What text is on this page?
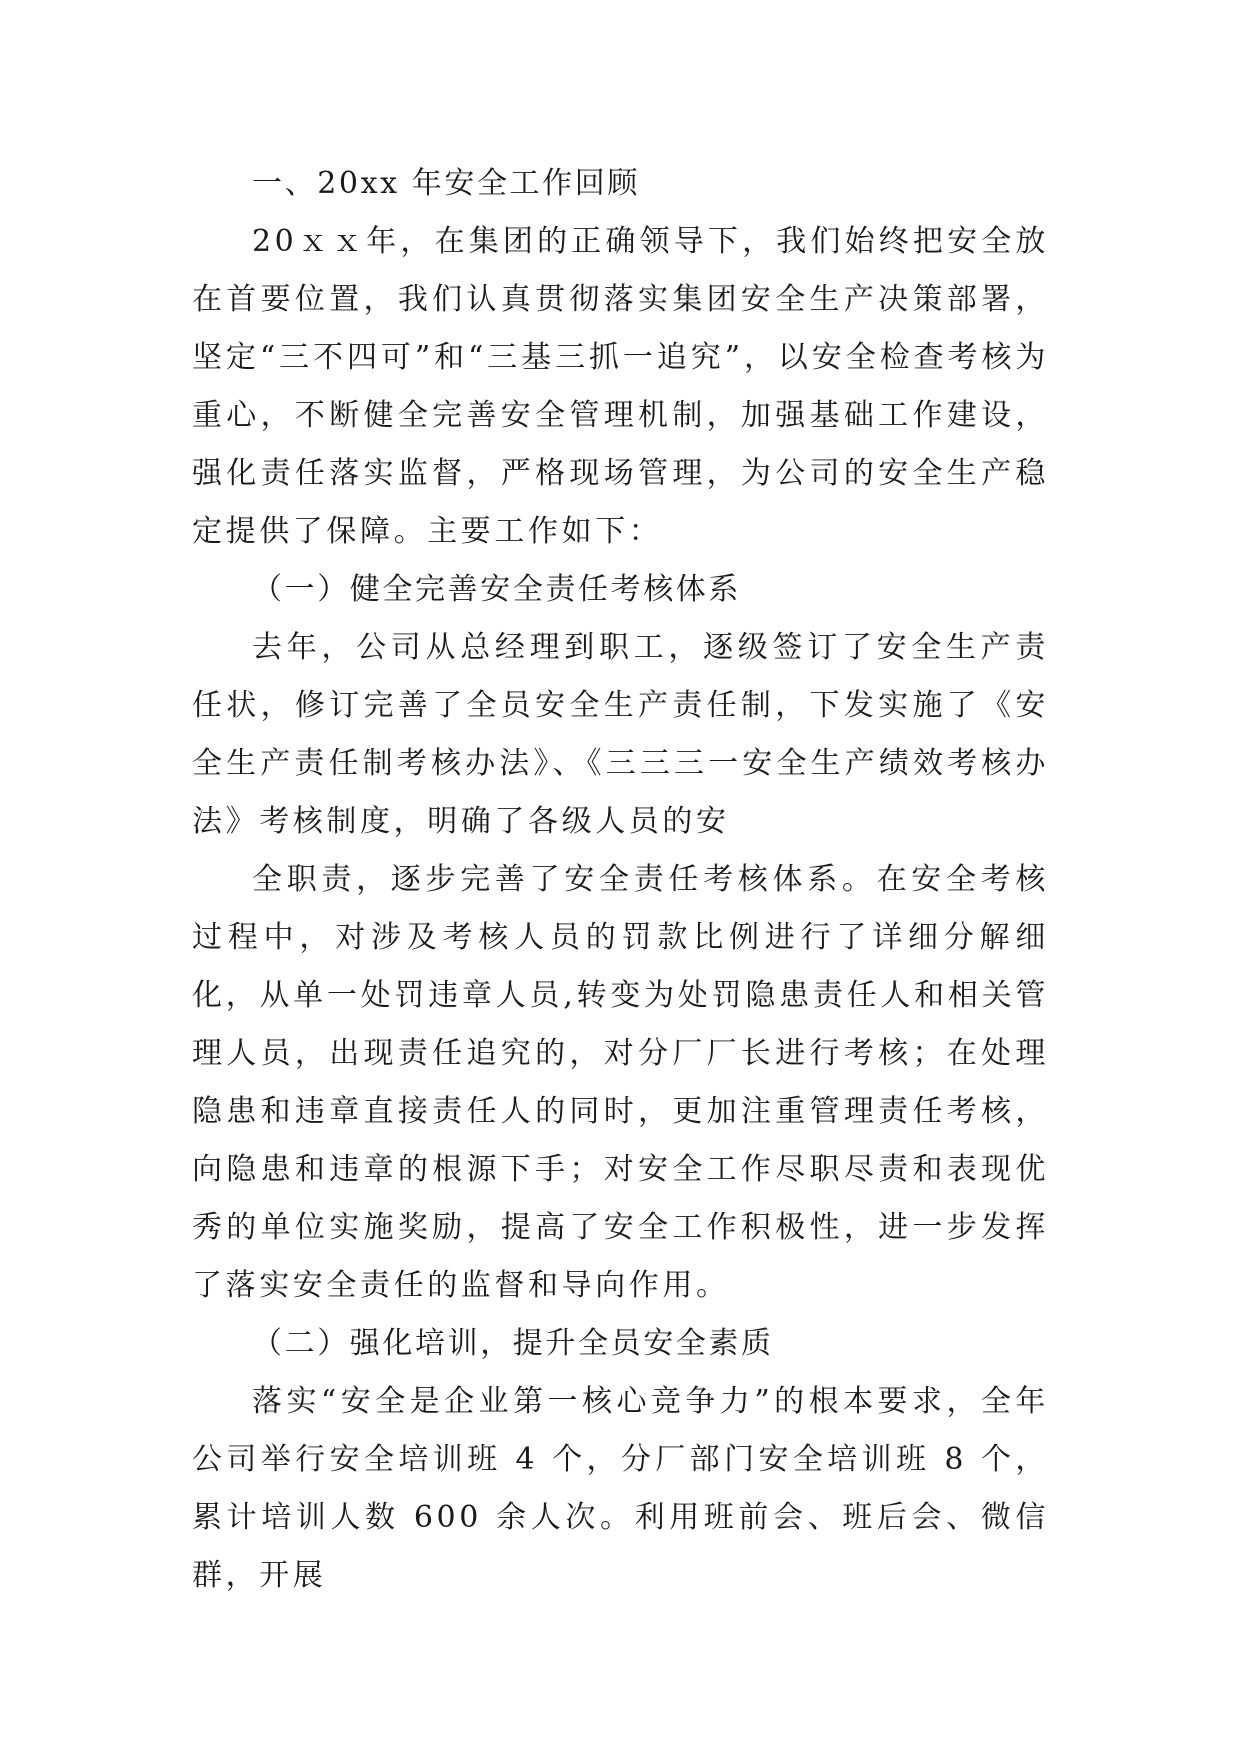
一、20xx 年安全工作回顾

20ｘｘ年，在集团的正确领导下，我们始终把安全放在首要位置，我们认真贯彻落实集团安全生产决策部署，坚定“三不四可”和“三基三抓一追究”，以安全检查考核为重心，不断健全完善安全管理机制，加强基础工作建设，强化责任落实监督，严格现场管理，为公司的安全生产稳定提供了保障。主要工作如下：

（一）健全完善安全责任考核体系

去年，公司从总经理到职工，逐级签订了安全生产责任状，修订完善了全员安全生产责任制，下发实施了《安全生产责任制考核办法》、《三三三一安全生产绩效考核办法》考核制度，明确了各级人员的安

全职责，逐步完善了安全责任考核体系。在安全考核过程中，对涉及考核人员的罚款比例进行了详细分解细化，从单一处罚违章人员,转变为处罚隐患责任人和相关管理人员，出现责任追究的，对分厂厂长进行考核；在处理隐患和违章直接责任人的同时，更加注重管理责任考核，向隐患和违章的根源下手；对安全工作尽职尽责和表现优秀的单位实施奖励，提高了安全工作积极性，进一步发挥了落实安全责任的监督和导向作用。

（二）强化培训，提升全员安全素质

落实“安全是企业第一核心竞争力”的根本要求，全年公司举行安全培训班 4 个，分厂部门安全培训班 8 个，累计培训人数 600 余人次。利用班前会、班后会、微信群，开展
